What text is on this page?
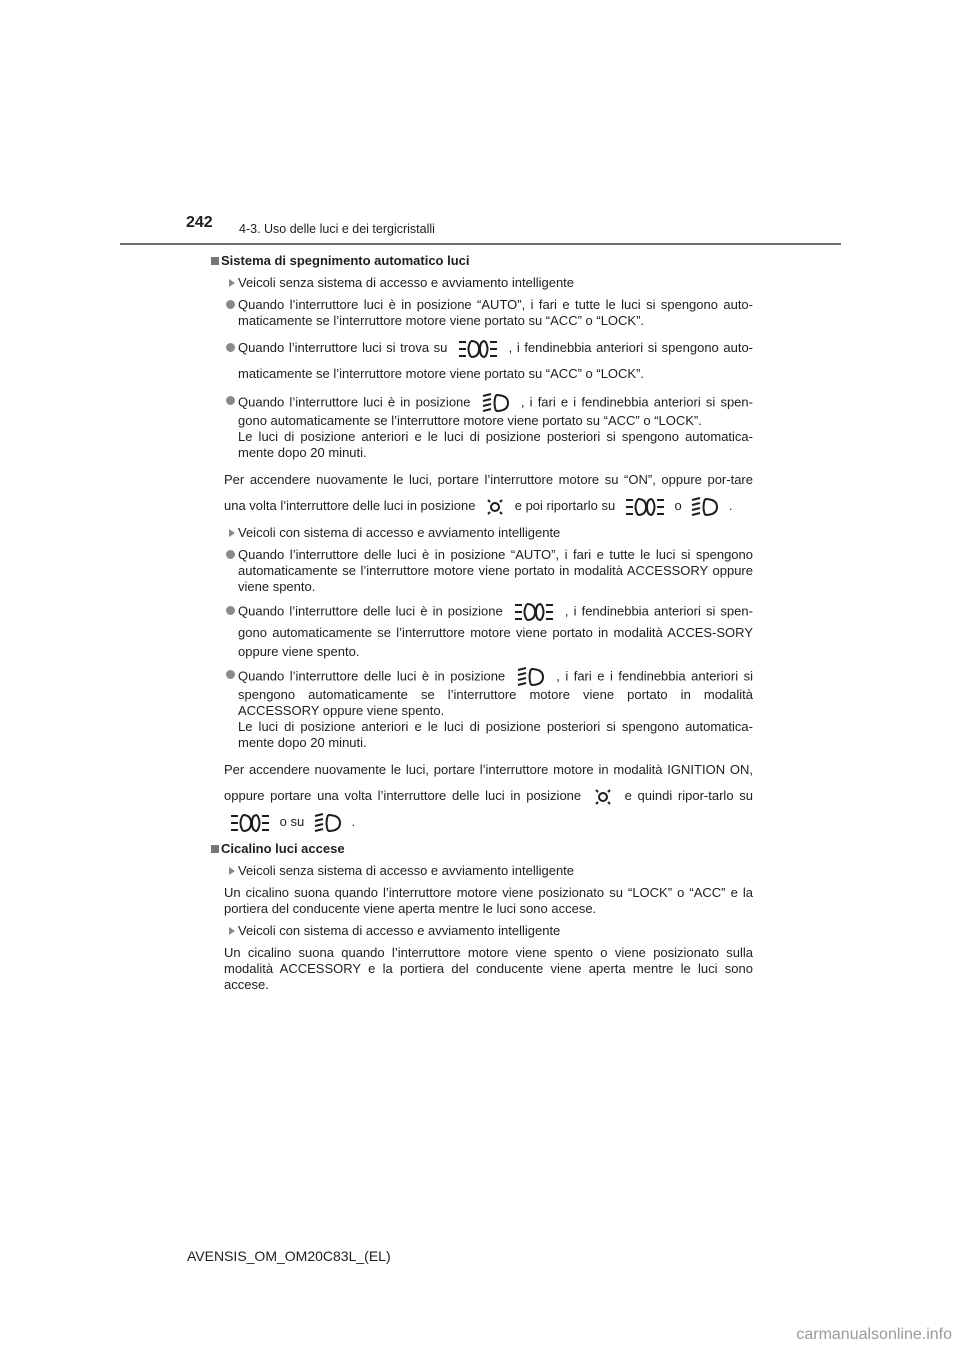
242 4-3. Uso delle luci e dei tergicristalli
Sistema di spegnimento automatico luci
Veicoli senza sistema di accesso e avviamento intelligente
Quando l’interruttore luci è in posizione “AUTO”, i fari e tutte le luci si spengono auto-maticamente se l’interruttore motore viene portato su “ACC” o “LOCK”.
Quando l’interruttore luci si trova su	, i fendinebbia anteriori si spengono auto-maticamente se l’interruttore motore viene portato su “ACC” o “LOCK”.
Quando l’interruttore luci è in posizione	, i fari e i fendinebbia anteriori si spen-gono automaticamente se l’interruttore motore viene portato su “ACC” o “LOCK”.
Le luci di posizione anteriori e le luci di posizione posteriori si spengono automatica-mente dopo 20 minuti.
Per accendere nuovamente le luci, portare l’interruttore motore su “ON”, oppure por-tare una volta l’interruttore delle luci in posizione	e poi riportarlo su	o	.
Veicoli con sistema di accesso e avviamento intelligente
Quando l’interruttore delle luci è in posizione “AUTO”, i fari e tutte le luci si spengono automaticamente se l’interruttore motore viene portato in modalità ACCESSORY oppure viene spento.
Quando l’interruttore delle luci è in posizione	, i fendinebbia anteriori si spen-gono automaticamente se l’interruttore motore viene portato in modalità ACCES-SORY oppure viene spento.
Quando l’interruttore delle luci è in posizione	, i fari e i fendinebbia anteriori si spengono automaticamente se l’interruttore motore viene portato in modalità ACCESSORY oppure viene spento.
Le luci di posizione anteriori e le luci di posizione posteriori si spengono automatica-mente dopo 20 minuti.
Per accendere nuovamente le luci, portare l’interruttore motore in modalità IGNITION ON, oppure portare una volta l’interruttore delle luci in posizione	e quindi ripor-tarlo su
o su	.
Cicalino luci accese
Veicoli senza sistema di accesso e avviamento intelligente
Un cicalino suona quando l’interruttore motore viene posizionato su “LOCK” o “ACC” e la portiera del conducente viene aperta mentre le luci sono accese.
Veicoli con sistema di accesso e avviamento intelligente
Un cicalino suona quando l’interruttore motore viene spento o viene posizionato sulla modalità ACCESSORY e la portiera del conducente viene aperta mentre le luci sono accese.
AVENSIS_OM_OM20C83L_(EL)
carmanualsonline.info
